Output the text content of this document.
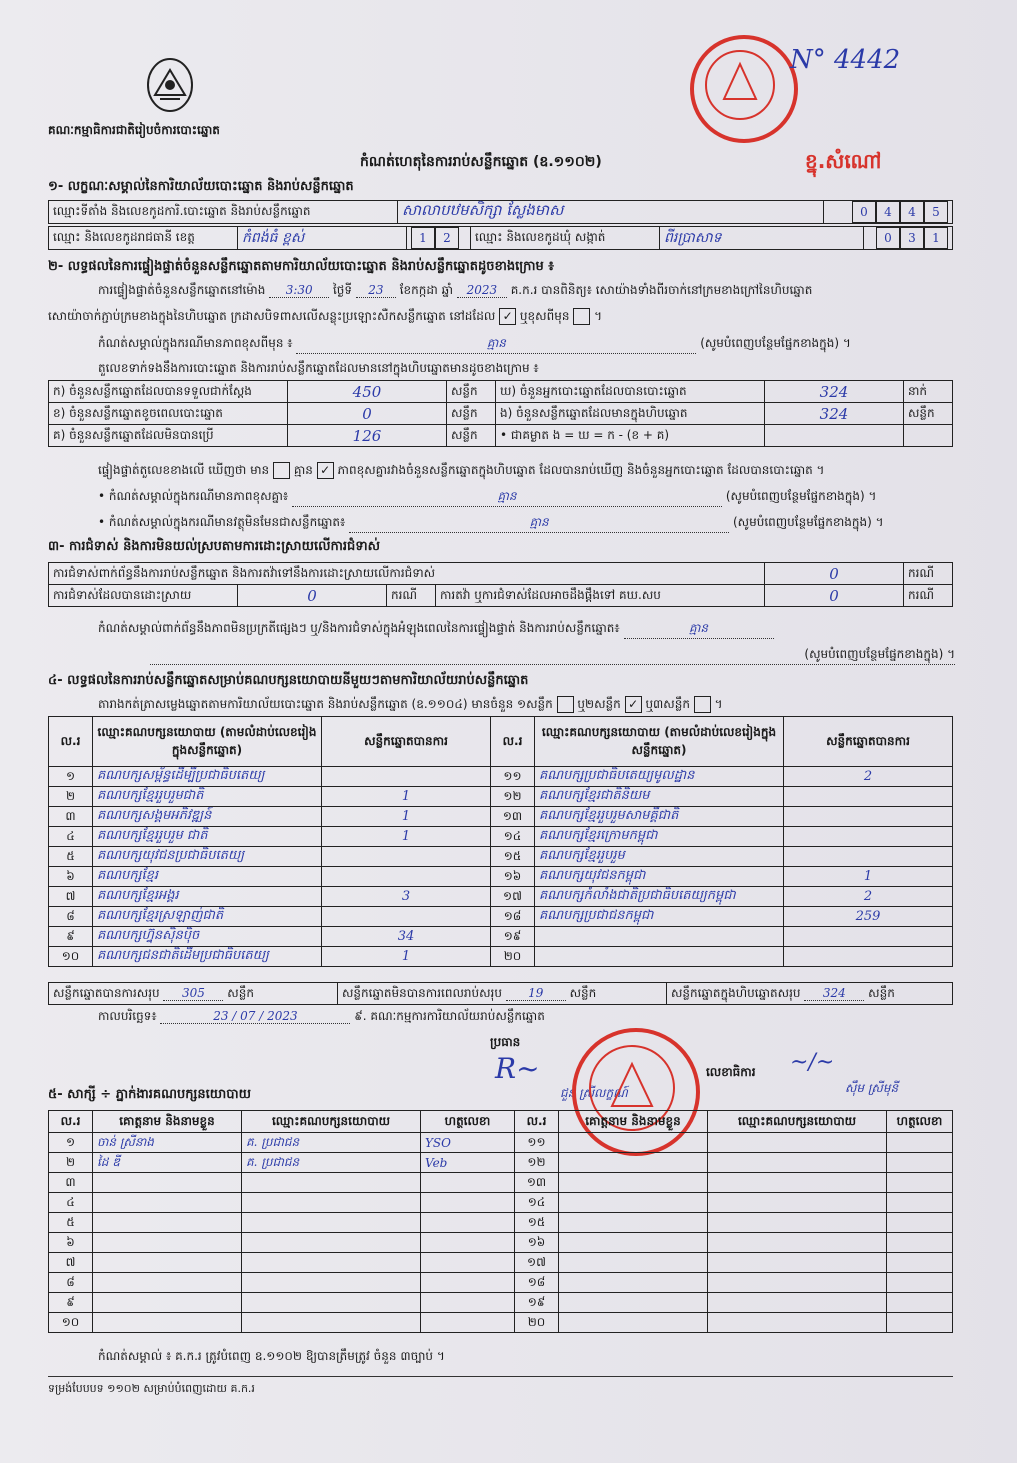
គណៈកម្មាធិការជាតិរៀបចំការបោះឆ្នោត
កំណត់ហេតុនៃការរាប់សន្លឹកឆ្នោត (ឧ.១១០២)
N° 4442
ខ្នុ.សំណៅ
១- លក្ខណៈសម្គាល់នៃការិយាល័យបោះឆ្នោត និងរាប់សន្លឹកឆ្នោត
ឈ្មោះទីតាំង និងលេខកូដការិ.បោះឆ្នោត និងរាប់សន្លឹកឆ្នោត	សាលាបឋមសិក្សា ស្លែងមាស	0 4 4 5
ឈ្មោះ និងលេខកូដរាជធានី ខេត្ត	កំពង់ធំ ខ្ពស់	1 2	ឈ្មោះ និងលេខកូដឃុំ សង្កាត់	ពីរប្រាសាទ	0 3 1
២- លទ្ធផលនៃការផ្ទៀងផ្ទាត់ចំនួនសន្លឹកឆ្នោតតាមការិយាល័យបោះឆ្នោត និងរាប់សន្លឹកឆ្នោតដូចខាងក្រោម ៖
ការផ្ទៀងផ្ទាត់ចំនួនសន្លឹកឆ្នោតនៅម៉ោង 3:30 ថ្ងៃទី 23 ខែកក្កដា ឆ្នាំ 2023 គ.ក.រ បានពិនិត្យ៖ សោយ៉ាងទាំងពីរចាក់នៅក្រមខាងក្រៅនៃហិបឆ្នោត
សោយ៉ាចាក់ភ្ជាប់ក្រមខាងក្នុងនៃហិបឆ្នោត ក្រដាសបិទពាសលើសន្លុះប្រឡោះសឺកសន្លឹកឆ្នោត នៅដដែល ✓ ឬខុសពីមុន  ។
កំណត់សម្គាល់ក្នុងករណីមានភាពខុសពីមុន ៖	គ្មាន	(សូមបំពេញបន្ថែមផ្នែកខាងក្នុង) ។
តួលេខទាក់ទងនឹងការបោះឆ្នោត និងការរាប់សន្លឹកឆ្នោតដែលមាននៅក្នុងហិបឆ្នោតមានដូចខាងក្រោម ៖
ក) ចំនួនសន្លឹកឆ្នោតដែលបានទទួលជាក់ស្តែង	450	សន្លឹក	ឃ) ចំនួនអ្នកបោះឆ្នោតដែលបានបោះឆ្នោត	324	នាក់
ខ) ចំនួនសន្លឹកឆ្នោតខូចពេលបោះឆ្នោត	0	សន្លឹក	ង) ចំនួនសន្លឹកឆ្នោតដែលមានក្នុងហិបឆ្នោត	324	សន្លឹក
គ) ចំនួនសន្លឹកឆ្នោតដែលមិនបានប្រើ	126	សន្លឹក	• ជាគម្ងាត ង = ឃ = ក - (ខ + គ)		
ផ្ទៀងផ្ទាត់តួលេខខាងលើ ឃើញថា មាន គ្មាន ✓ ភាពខុសគ្នារវាងចំនួនសន្លឹកឆ្នោតក្នុងហិបឆ្នោត ដែលបានរាប់ឃើញ និងចំនួនអ្នកបោះឆ្នោត ដែលបានបោះឆ្នោត ។
• កំណត់សម្គាល់ក្នុងករណីមានភាពខុសគ្នា៖	គ្មាន	(សូមបំពេញបន្ថែមផ្នែកខាងក្នុង) ។
• កំណត់សម្គាល់ក្នុងករណីមានវត្ថុមិនមែនជាសន្លឹកឆ្នោត៖	គ្មាន	(សូមបំពេញបន្ថែមផ្នែកខាងក្នុង) ។
៣- ការជំទាស់ និងការមិនយល់ស្របតាមការដោះស្រាយលើការជំទាស់
ការជំទាស់ពាក់ព័ន្ធនឹងការរាប់សន្លឹកឆ្នោត និងការតវ៉ាទៅនឹងការដោះស្រាយលើការជំទាស់				0	ករណី
ការជំទាស់ដែលបានដោះស្រាយ	0	ករណី	ការតវ៉ា ឬការជំទាស់ដែលអាចដឹងផ្ដឹងទៅ គឃ.សប	0	ករណី
កំណត់សម្គាល់ពាក់ព័ន្ធនឹងភាពមិនប្រក្រតីផ្សេងៗ ឬ/និងការជំទាស់ក្នុងអំឡុងពេលនៃការផ្ទៀងផ្ទាត់ និងការរាប់សន្លឹកឆ្នោត៖	គ្មាន
(សូមបំពេញបន្ថែមផ្នែកខាងក្នុង) ។
៤- លទ្ធផលនៃការរាប់សន្លឹកឆ្នោតសម្រាប់គណបក្សនយោបាយនីមួយៗតាមការិយាល័យរាប់សន្លឹកឆ្នោត
តារាងកត់ត្រាសម្លេងឆ្នោតតាមការិយាល័យបោះឆ្នោត និងរាប់សន្លឹកឆ្នោត (ឧ.១១០៤) មានចំនួន ១សន្លឹក ឬ២សន្លឹក ✓ ឬ៣សន្លឹក  ។
ល.រ	ឈ្មោះគណបក្សនយោបាយ (តាមលំដាប់លេខរៀងក្នុងសន្លឹកឆ្នោត)	សន្លឹកឆ្នោតបានការ	ល.រ	ឈ្មោះគណបក្សនយោបាយ (តាមលំដាប់លេខរៀងក្នុងសន្លឹកឆ្នោត)	សន្លឹកឆ្នោតបានការ
១	គណបក្សសម្ព័ន្ធដើម្បីប្រជាធិបតេយ្យ		១១	គណបក្សប្រជាធិបតេយ្យមូលដ្ឋាន	2
២	គណបក្សខ្មែររួបរួមជាតិ	1	១២	គណបក្សខ្មែរជាតិនិយម	
៣	គណបក្សសង្គមអភិវឌ្ឍន៍	1	១៣	គណបក្សខ្មែររួបរួមសាមគ្គីជាតិ	
៤	គណបក្សខ្មែររួបរួម ជាតិ	1	១៤	គណបក្សខ្មែរក្រោមកម្ពុជា	
៥	គណបក្សយុវជនប្រជាធិបតេយ្យ		១៥	គណបក្សខ្មែររួបរួម	
៦	គណបក្សខ្មែរ		១៦	គណបក្សយុវជនកម្ពុជា	1
៧	គណបក្សខ្មែរអង្គរ	3	១៧	គណបក្សកំលាំងជាតិប្រជាធិបតេយ្យកម្ពុជា	2
៨	គណបក្សខ្មែរស្រឡាញ់ជាតិ		១៨	គណបក្សប្រជាជនកម្ពុជា	259
៩	គណបក្សហ្វ៊ុនស៊ិនប៉ិច	34	១៩		
១០	គណបក្សជនជាតិដើមប្រជាធិបតេយ្យ	1	២០		
សន្លឹកឆ្នោតបានការសរុប 305 សន្លឹក	សន្លឹកឆ្នោតមិនបានការពេលរាប់សរុប 19 សន្លឹក	សន្លឹកឆ្នោតក្នុងហិបឆ្នោតសរុប 324 សន្លឹក
កាលបរិច្ឆេទ៖	23 / 07 / 2023	៩. គណៈកម្មការការិយាល័យរាប់សន្លឹកឆ្នោត
ប្រធាន
R~
ជួន ស្រីលក្ខណ៍
លេខាធិការ ~/~
ស៊ឹម ស្រីមុនី
៥- សាក្សី ÷ ភ្នាក់ងារគណបក្សនយោបាយ
ល.រ	គោត្តនាម និងនាមខ្លួន	ឈ្មោះគណបក្សនយោបាយ	ហត្ថលេខា	ល.រ	គោត្តនាម និងនាមខ្លួន	ឈ្មោះគណបក្សនយោបាយ	ហត្ថលេខា
១	ចាន់ ស្រីនាង	គ. ប្រជាជន	YSO	១១			
២	ដៃ ឌី	គ. ប្រជាជន	Veb	១២			
៣				១៣			
៤				១៤			
៥				១៥			
៦				១៦			
៧				១៧			
៨				១៨			
៩				១៩			
១០				២០			
កំណត់សម្គាល់ ៖ គ.ក.រ ត្រូវបំពេញ ឧ.១១០២ ឱ្យបានត្រឹមត្រូវ ចំនួន ៣ច្បាប់ ។
ទម្រង់បែបបទ ១១០២ សម្រាប់បំពេញដោយ គ.ក.រ
